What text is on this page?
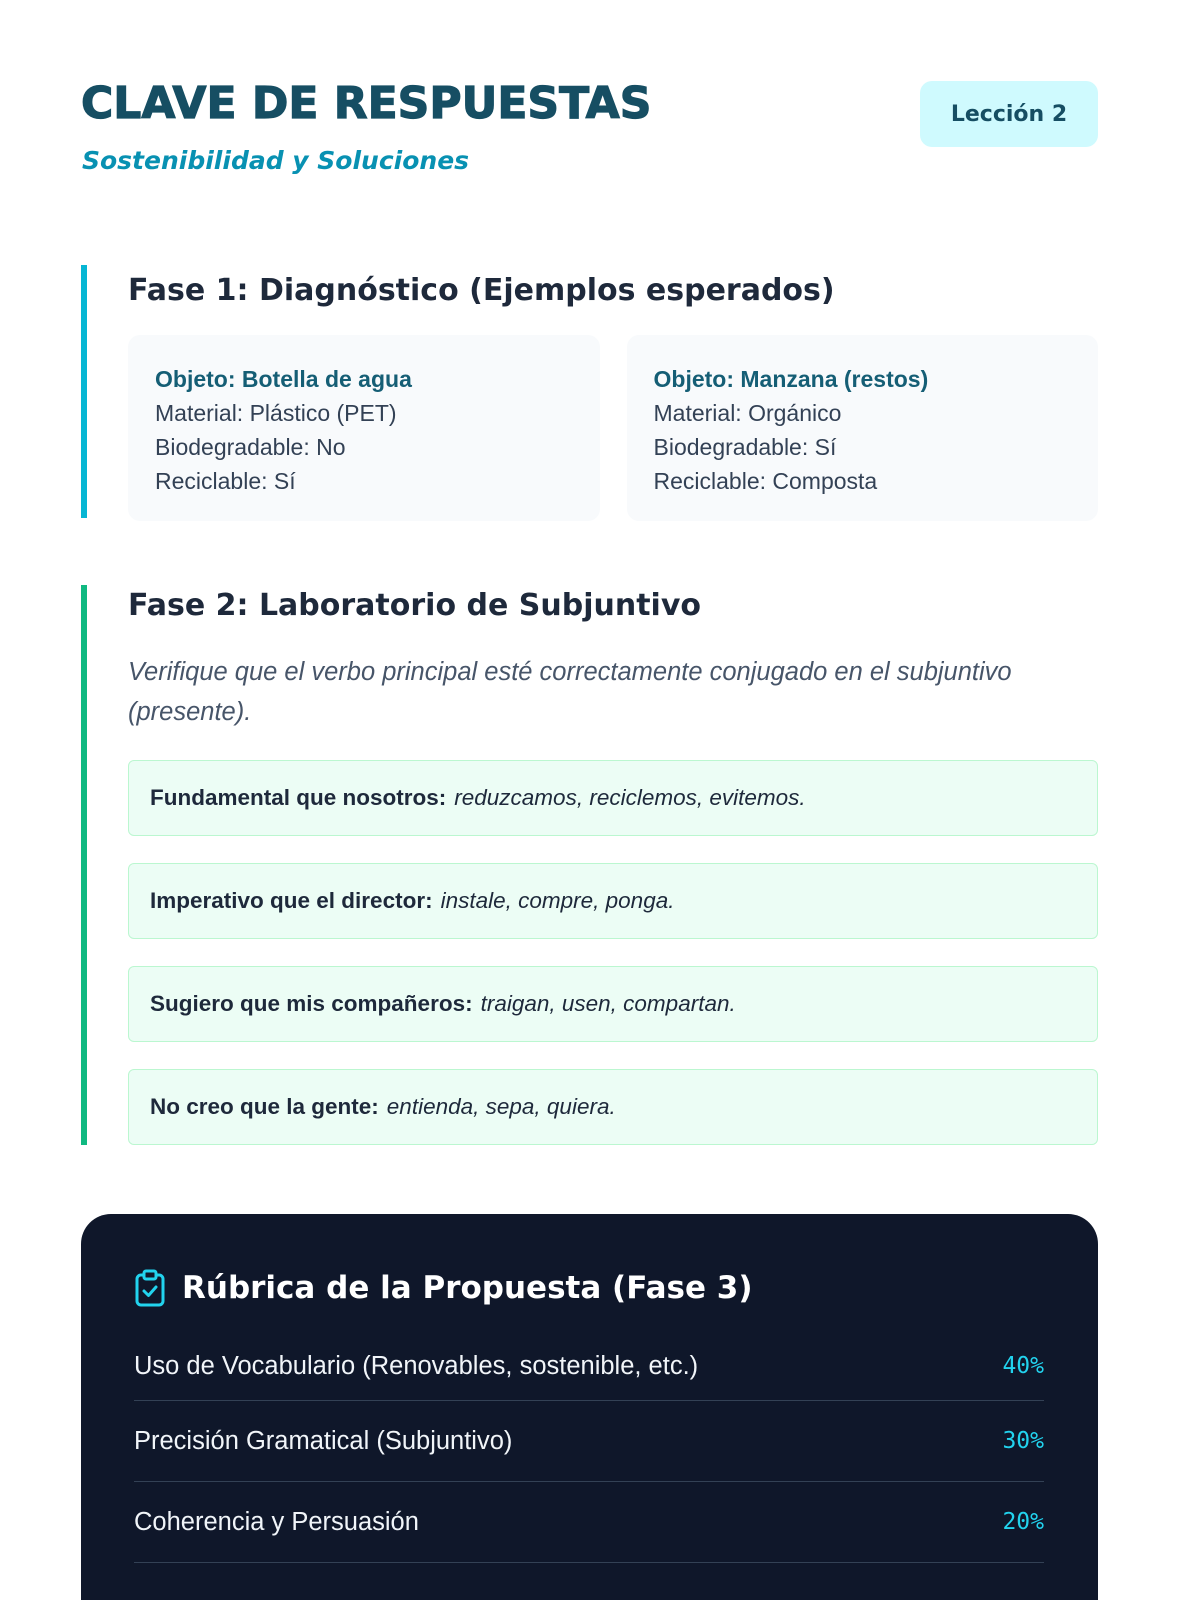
CLAVE DE RESPUESTAS

Sostenibilidad y Soluciones

Lección 2
Fase 1: Diagnóstico (Ejemplos esperados)
Objeto: Botella de agua
Material: Plástico (PET)
Biodegradable: No
Reciclable: Sí
Objeto: Manzana (restos)
Material: Orgánico
Biodegradable: Sí
Reciclable: Composta
Fase 2: Laboratorio de Subjuntivo

Verifique que el verbo principal esté correctamente conjugado en el subjuntivo (presente).

Fundamental que nosotros: reduzcamos, reciclemos, evitemos.
Imperativo que el director: instale, compre, ponga.
Sugiero que mis compañeros: traigan, usen, compartan.
No creo que la gente: entienda, sepa, quiera.
Rúbrica de la Propuesta (Fase 3)
Uso de Vocabulario (Renovables, sostenible, etc.)	40%
Precisión Gramatical (Subjuntivo)	30%
Coherencia y Persuasión	20%
